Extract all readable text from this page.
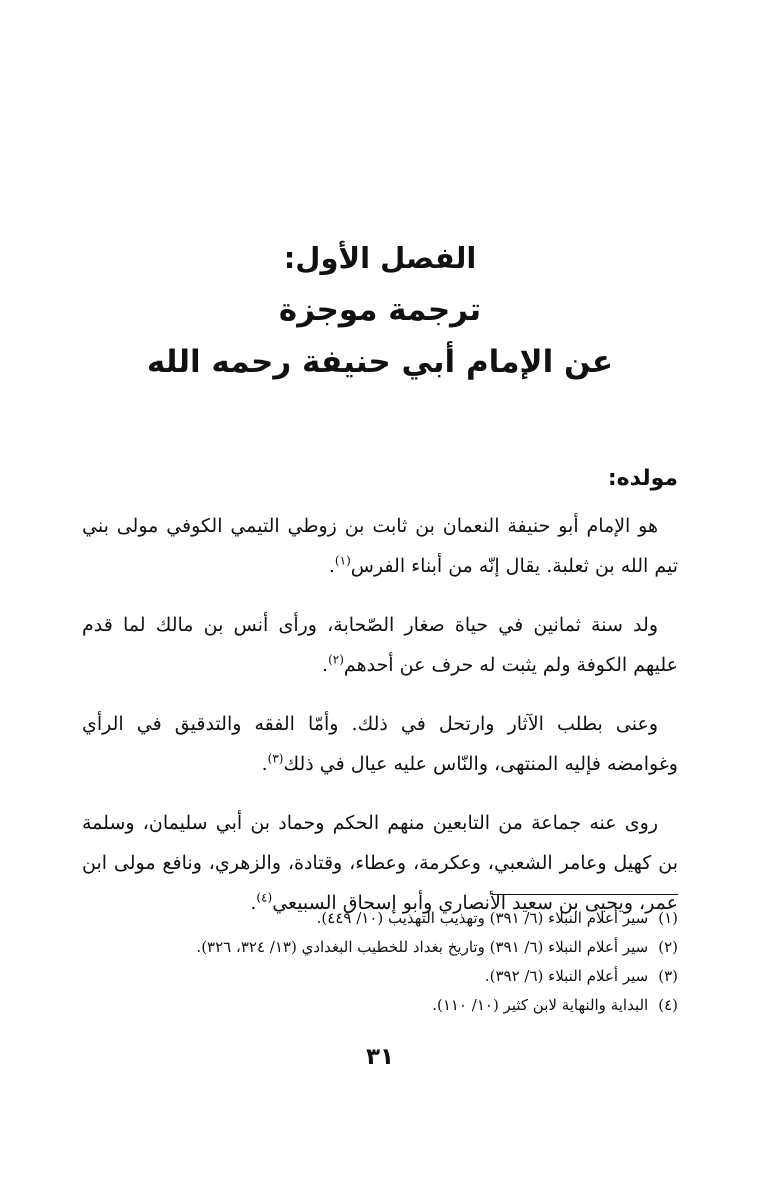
الفصل الأول:
ترجمة موجزة
عن الإمام أبي حنيفة رحمه الله
مولده:

هو الإمام أبو حنيفة النعمان بن ثابت بن زوطي التيمي الكوفي مولى بني تيم الله بن ثعلبة. يقال إنّه من أبناء الفرس$^{(١)}$.

ولد سنة ثمانين في حياة صغار الصّحابة، ورأى أنس بن مالك لما قدم عليهم الكوفة ولم يثبت له حرف عن أحدهم$^{(٢)}$.

وعنى بطلب الآثار وارتحل في ذلك. وأمّا الفقه والتدقيق في الرأي وغوامضه فإليه المنتهى، والنّاس عليه عيال في ذلك$^{(٣)}$.

روى عنه جماعة من التابعين منهم الحكم وحماد بن أبي سليمان، وسلمة بن كهيل وعامر الشعبي، وعكرمة، وعطاء، وقتادة، والزهري، ونافع مولى ابن عمر، ويحيى بن سعيد الأنصاري وأبو إسحاق السبيعي$^{(٤)}$.

(١)سير أعلام النبلاء (٦/ ٣٩١) وتهذيب التهذيب (١٠/ ٤٤٩).
(٢)سير أعلام النبلاء (٦/ ٣٩١) وتاريخ بغداد للخطيب البغدادي (١٣/ ٣٢٤، ٣٢٦).
(٣)سير أعلام النبلاء (٦/ ٣٩٢).
(٤)البداية والنهاية لابن كثير (١٠/ ١١٠).
٣١
